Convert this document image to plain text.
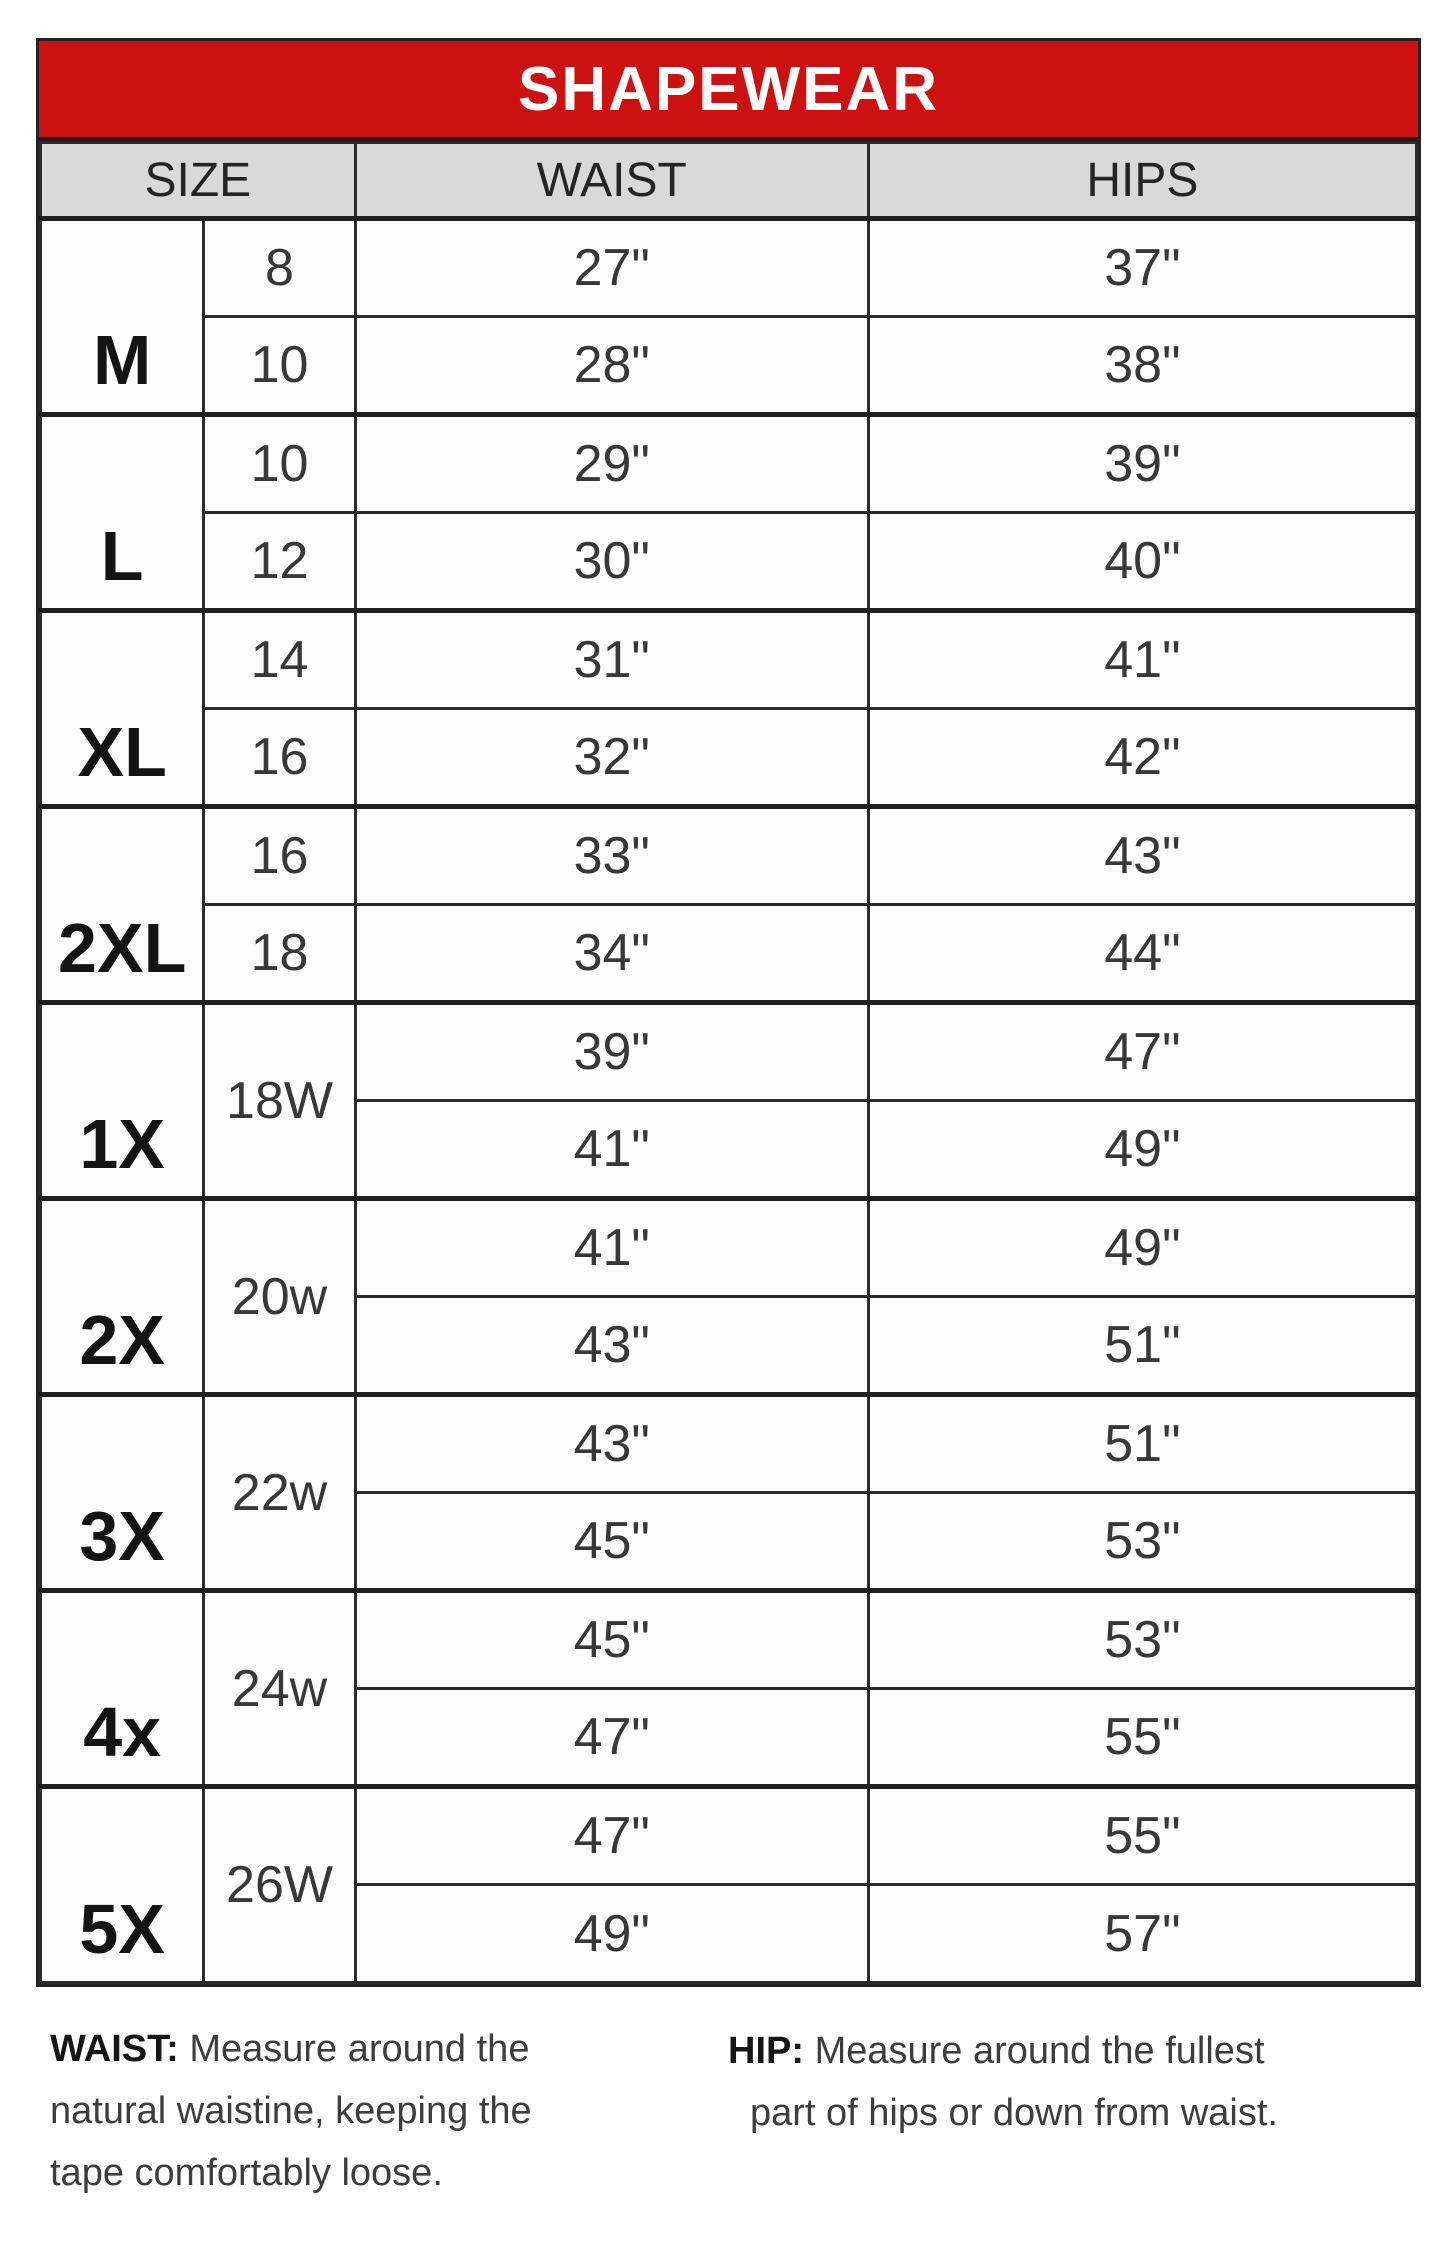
SHAPEWEAR
SIZE		WAIST	HIPS
M	8	27"	37"
	10	28"	38"
L	10	29"	39"
	12	30"	40"
XL	14	31"	41"
	16	32"	42"
2XL	16	33"	43"
	18	34"	44"
1X	18W	39"	47"
		41"	49"
2X	20w	41"	49"
		43"	51"
3X	22w	43"	51"
		45"	53"
4x	24w	45"	53"
		47"	55"
5X	26W	47"	55"
		49"	57"
WAIST: Measure around the
natural waistine, keeping the
tape comfortably loose.
HIP: Measure around the fullest
part of hips or down from waist.
